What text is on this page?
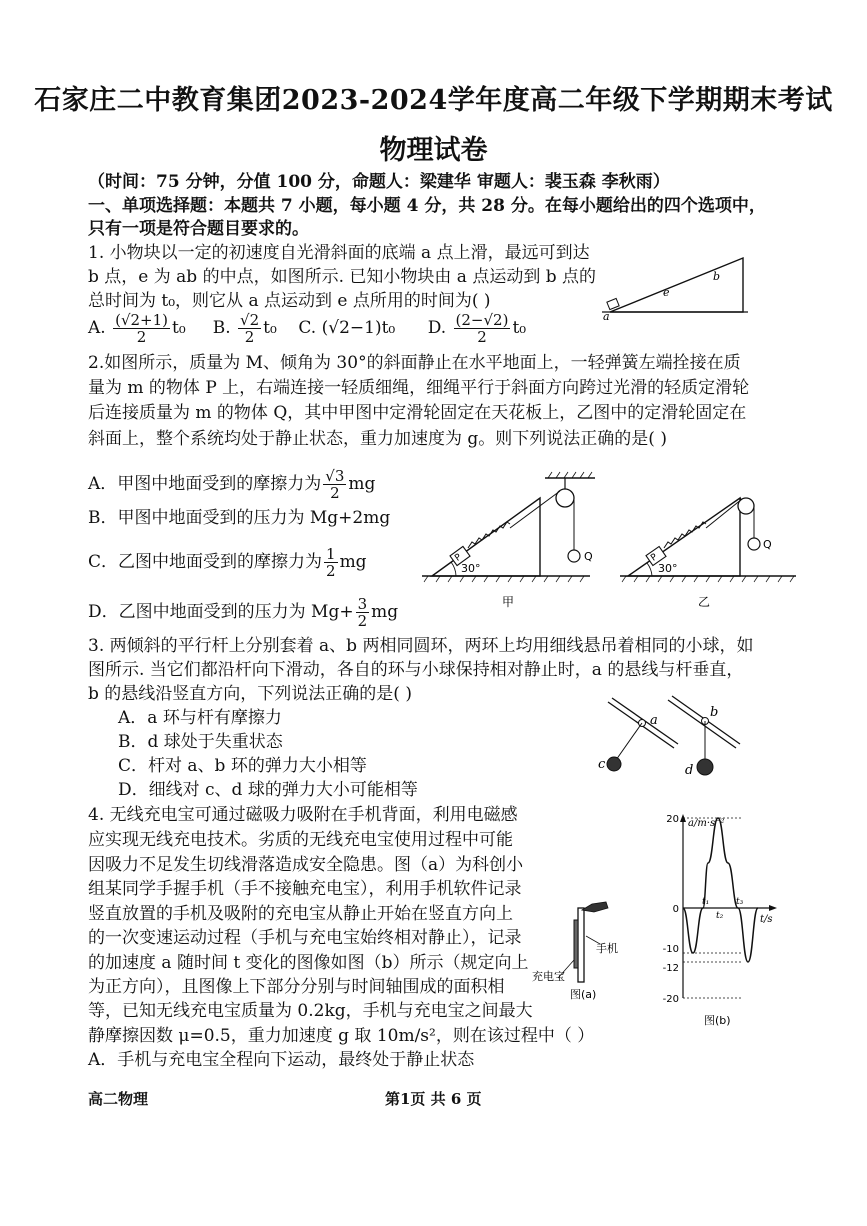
石家庄二中教育集团2023-2024学年度高二年级下学期期末考试
物理试卷
（时间：75 分钟，分值 100 分，命题人：梁建华 审题人：裴玉森 李秋雨）
一、单项选择题：本题共 7 小题，每小题 4 分，共 28 分。在每小题给出的四个选项中，
只有一项是符合题目要求的。
1. 小物块以一定的初速度自光滑斜面的底端 a 点上滑，最远可到达
b 点，e 为 ab 的中点，如图所示. 已知小物块由 a 点运动到 b 点的
总时间为 t₀，则它从 a 点运动到 e 点所用的时间为( )
A. $\frac{(√2+1)}{2} t_0$ B. $\frac{√2}{2} t_0$ C. (√2−1)t₀ D. $\frac{(2-√2)}{2} t_0$
a
e
b
2.如图所示，质量为 M、倾角为 30°的斜面静止在水平地面上，一轻弹簧左端拴接在质
量为 m 的物体 P 上，右端连接一轻质细绳，细绳平行于斜面方向跨过光滑的轻质定滑轮
后连接质量为 m 的物体 Q，其中甲图中定滑轮固定在天花板上，乙图中的定滑轮固定在
斜面上，整个系统均处于静止状态，重力加速度为 g。则下列说法正确的是( )
A．甲图中地面受到的摩擦力为 $\frac{√3}{2}$ mg
B．甲图中地面受到的压力为 Mg+2mg
C．乙图中地面受到的摩擦力为 $\frac{1}{2}$ mg
D．乙图中地面受到的压力为 $Mg+ \frac{3}{2}$ mg
P	Q
30°
甲
P
Q
30°
乙
3. 两倾斜的平行杆上分别套着 a、b 两相同圆环，两环上均用细线悬吊着相同的小球，如
图所示. 当它们都沿杆向下滑动，各自的环与小球保持相对静止时，a 的悬线与杆垂直，
b 的悬线沿竖直方向，下列说法正确的是( )
A．a 环与杆有摩擦力
B．d 球处于失重状态
C．杆对 a、b 环的弹力大小相等
D．细线对 c、d 球的弹力大小可能相等
a
b
c	d
4. 无线充电宝可通过磁吸力吸附在手机背面，利用电磁感
应实现无线充电技术。劣质的无线充电宝使用过程中可能
因吸力不足发生切线滑落造成安全隐患。图（a）为科创小
组某同学手握手机（手不接触充电宝），利用手机软件记录
竖直放置的手机及吸附的充电宝从静止开始在竖直方向上
的一次变速运动过程（手机与充电宝始终相对静止），记录
的加速度 a 随时间 t 变化的图像如图（b）所示（规定向上
为正方向），且图像上下部分分别与时间轴围成的面积相
等，已知无线充电宝质量为 0.2kg，手机与充电宝之间最大
静摩擦因数 μ=0.5，重力加速度 g 取 10m/s²，则在该过程中（ ）
A．手机与充电宝全程向下运动，最终处于静止状态
手机
充电宝
图(a)
a/m·s⁻²
t/s
20
0
-10
-12
-20
t₁
t₂
t₃
图(b)
高二物理	第1页 共 6 页
